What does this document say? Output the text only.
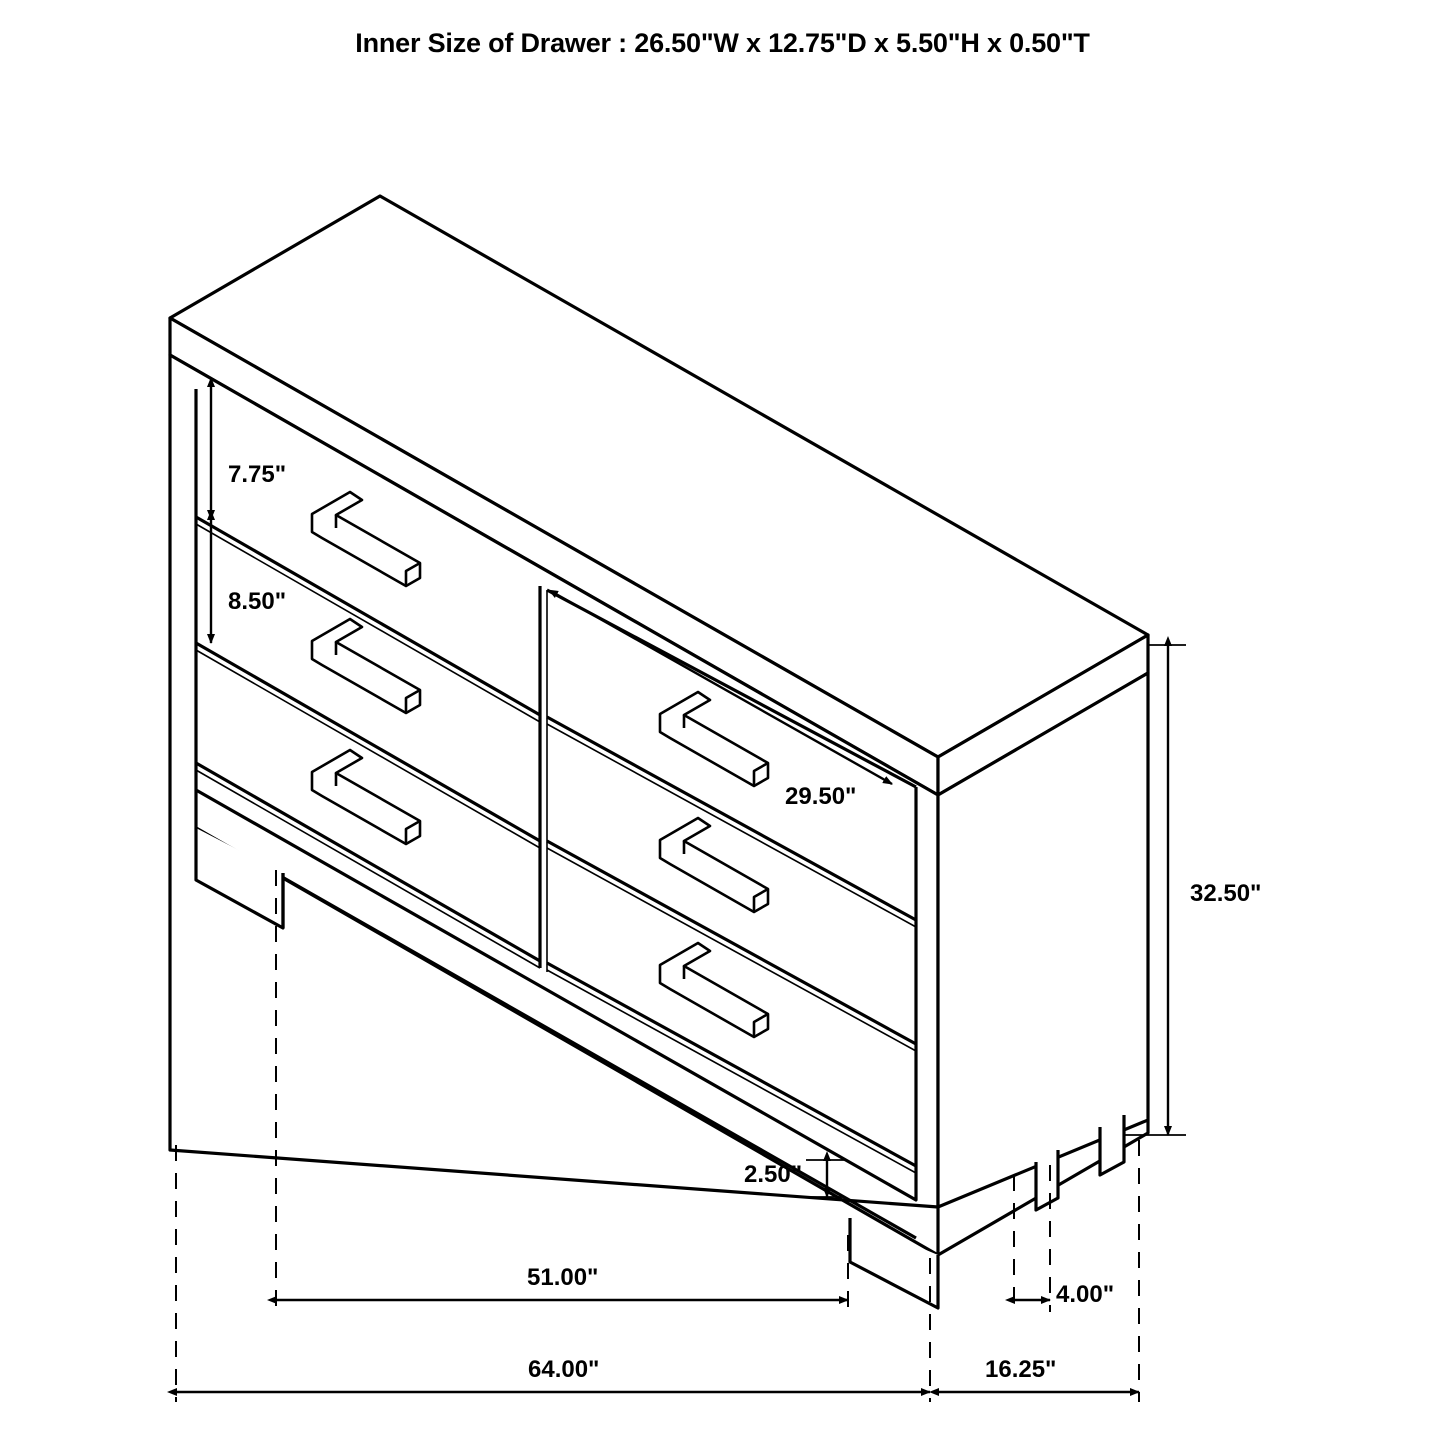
Inner Size of Drawer : 26.50"W x 12.75"D x 5.50"H x 0.50"T
7.75"
8.50"
29.50"
32.50"
2.50"
51.00"
64.00"	16.25"
4.00"
